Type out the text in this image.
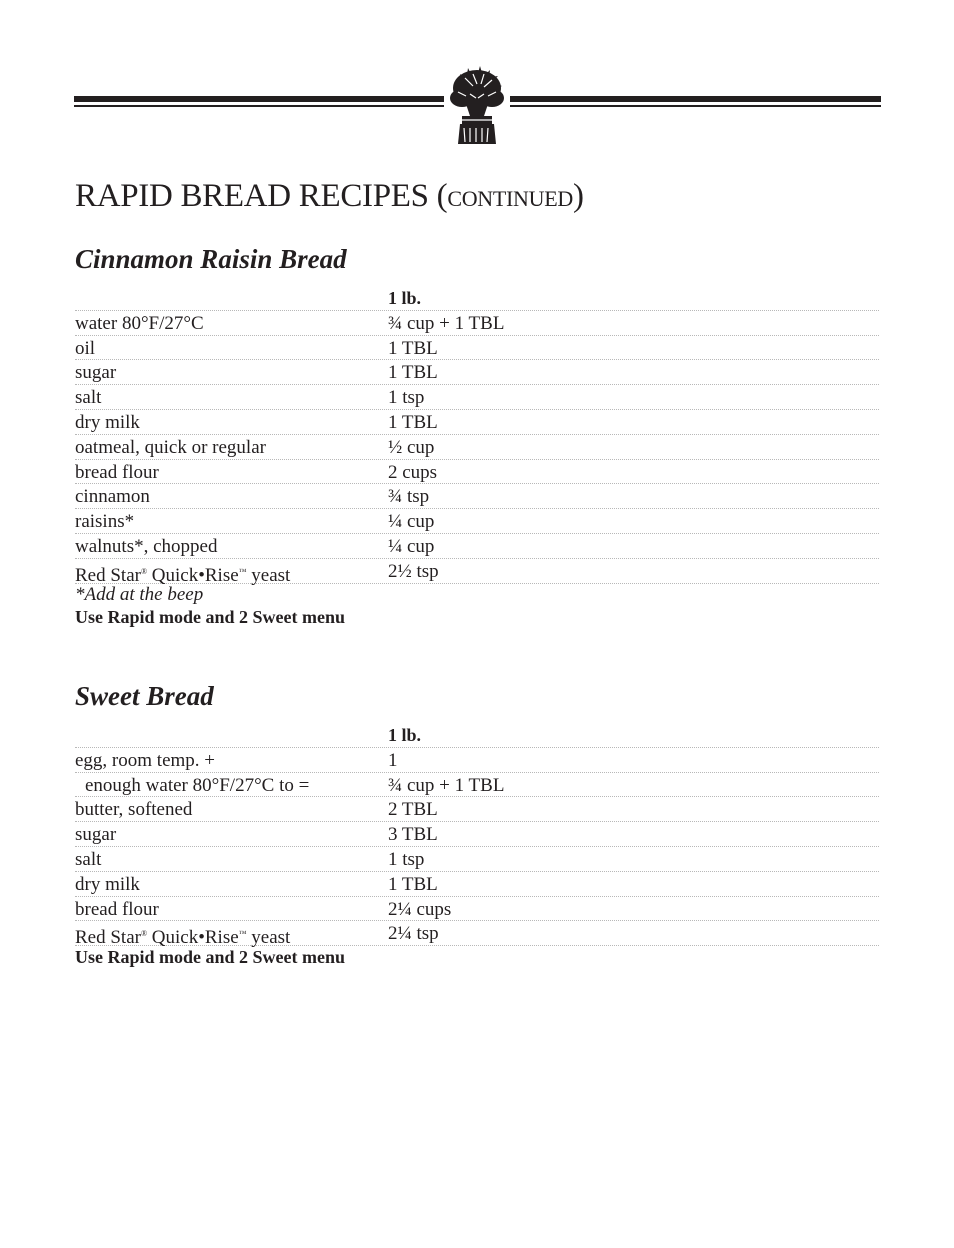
RAPID BREAD RECIPES (CONTINUED)
Cinnamon Raisin Bread
1 lb.
water 80°F/27°C	¾ cup + 1 TBL
oil	1 TBL
sugar	1 TBL
salt	1 tsp
dry milk	1 TBL
oatmeal, quick or regular	½ cup
bread flour	2 cups
cinnamon	¾ tsp
raisins*	¼ cup
walnuts*, chopped	¼ cup
Red Star® Quick•Rise™ yeast	2½ tsp
*Add at the beep
Use Rapid mode and 2 Sweet menu
Sweet Bread
1 lb.
egg, room temp. +	1
enough water 80°F/27°C to =	¾ cup + 1 TBL
butter, softened	2 TBL
sugar	3 TBL
salt	1 tsp
dry milk	1 TBL
bread flour	2¼ cups
Red Star® Quick•Rise™ yeast	2¼ tsp
Use Rapid mode and 2 Sweet menu
